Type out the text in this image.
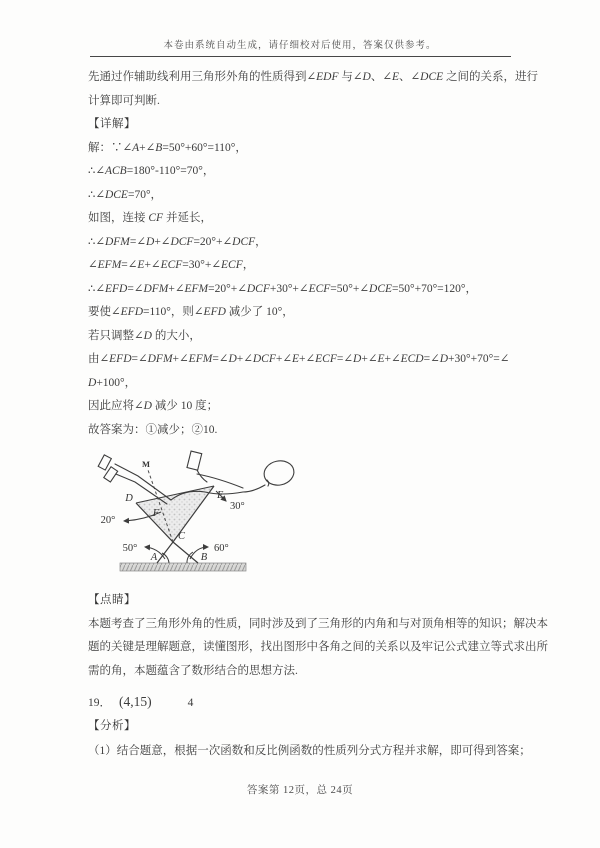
本卷由系统自动生成，请仔细校对后使用，答案仅供参考。
先通过作辅助线利用三角形外角的性质得到∠EDF 与∠D、∠E、∠DCE 之间的关系，进行
计算即可判断.
【详解】
解：∵∠A+∠B=50°+60°=110°，
∴∠ACB=180°-110°=70°，
∴∠DCE=70°，
如图，连接 CF 并延长，
∴∠DFM=∠D+∠DCF=20°+∠DCF，
∠EFM=∠E+∠ECF=30°+∠ECF，
∴∠EFD=∠DFM+∠EFM=20°+∠DCF+30°+∠ECF=50°+∠DCE=50°+70°=120°，
要使∠EFD=110°，则∠EFD 减少了 10°，
若只调整∠D 的大小，
由∠EFD=∠DFM+∠EFM=∠D+∠DCF+∠E+∠ECF=∠D+∠E+∠ECD=∠D+30°+70°=∠
D+100°，
因此应将∠D 减少 10 度；
故答案为：①减少；②10.
M
D
F
E
C
A	B
20°
30°
50°	60°
【点睛】
本题考查了三角形外角的性质，同时涉及到了三角形的内角和与对顶角相等的知识；解决本
题的关键是理解题意，读懂图形，找出图形中各角之间的关系以及牢记公式建立等式求出所
需的角，本题蕴含了数形结合的思想方法.
19． (4,15)	4
【分析】
（1）结合题意，根据一次函数和反比例函数的性质列分式方程并求解，即可得到答案；
答案第 12页，总 24页
